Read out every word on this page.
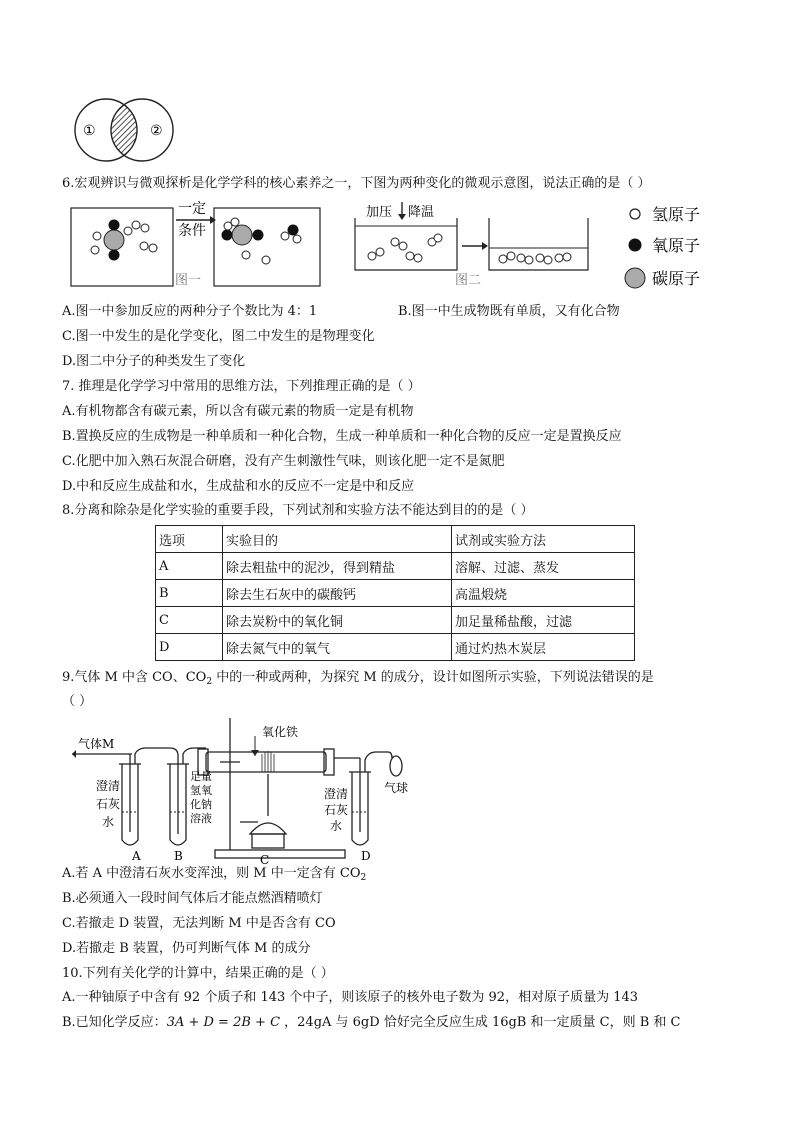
①	②
6.宏观辨识与微观探析是化学学科的核心素养之一，下图为两种变化的微观示意图，说法正确的是（ ）
一定
条件
图一
加压 降温
图二
氢原子
氧原子
碳原子
A.图一中参加反应的两种分子个数比为 4：1	B.图一中生成物既有单质，又有化合物
C.图一中发生的是化学变化，图二中发生的是物理变化
D.图二中分子的种类发生了变化
7. 推理是化学学习中常用的思维方法，下列推理正确的是（ ）
A.有机物都含有碳元素，所以含有碳元素的物质一定是有机物
B.置换反应的生成物是一种单质和一种化合物，生成一种单质和一种化合物的反应一定是置换反应
C.化肥中加入熟石灰混合研磨，没有产生刺激性气味，则该化肥一定不是氮肥
D.中和反应生成盐和水，生成盐和水的反应不一定是中和反应
8.分离和除杂是化学实验的重要手段，下列试剂和实验方法不能达到目的的是（ ）
选项	实验目的	试剂或实验方法
A	除去粗盐中的泥沙，得到精盐	溶解、过滤、蒸发
B	除去生石灰中的碳酸钙	高温煅烧
C	除去炭粉中的氧化铜	加足量稀盐酸，过滤
D	除去氮气中的氧气	通过灼热木炭层
9.气体 M 中含 CO、$CO_2$ 中的一种或两种，为探究 M 的成分，设计如图所示实验，下列说法错误的是
（ ）
气体M
氧化铁
气球
澄 清
石 灰
水
足 量
氢 氧
化 钠
溶 液
澄 清
石 灰
水
A	B	C	D
A.若 A 中澄清石灰水变浑浊，则 M 中一定含有 $CO_2$
B.必须通入一段时间气体后才能点燃酒精喷灯
C.若撤走 D 装置，无法判断 M 中是否含有 CO
D.若撤走 B 装置，仍可判断气体 M 的成分
10.下列有关化学的计算中，结果正确的是（ ）
A.一种铀原子中含有 92 个质子和 143 个中子，则该原子的核外电子数为 92，相对原子质量为 143
B.已知化学反应：3A + D = 2B + C ，24gA 与 6gD 恰好完全反应生成 16gB 和一定质量 C，则 B 和 C
